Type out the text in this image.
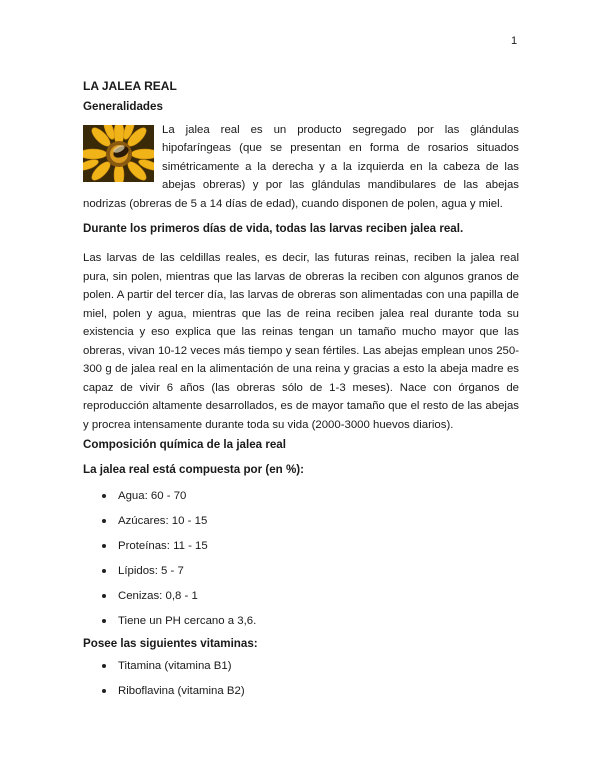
1
LA JALEA REAL
Generalidades

La jalea real es un producto segregado por las glándulas hipofaríngeas (que se presentan en forma de rosarios situados simétricamente a la derecha y a la izquierda en la cabeza de las abejas obreras) y por las glándulas mandibulares de las abejas nodrizas (obreras de 5 a 14 días de edad), cuando disponen de polen, agua y miel.

Durante los primeros días de vida, todas las larvas reciben jalea real.

Las larvas de las celdillas reales, es decir, las futuras reinas, reciben la jalea real pura, sin polen, mientras que las larvas de obreras la reciben con algunos granos de polen. A partir del tercer día, las larvas de obreras son alimentadas con una papilla de miel, polen y agua, mientras que las de reina reciben jalea real durante toda su existencia y eso explica que las reinas tengan un tamaño mucho mayor que las obreras, vivan 10-12 veces más tiempo y sean fértiles. Las abejas emplean unos 250-300 g de jalea real en la alimentación de una reina y gracias a esto la abeja madre es capaz de vivir 6 años (las obreras sólo de 1-3 meses). Nace con órganos de reproducción altamente desarrollados, es de mayor tamaño que el resto de las abejas y procrea intensamente durante toda su vida (2000-3000 huevos diarios).

Composición química de la jalea real
La jalea real está compuesta por (en %):
Agua: 60 - 70
Azúcares: 10 - 15
Proteínas: 11 - 15
Lípidos: 5 - 7
Cenizas: 0,8 - 1
Tiene un PH cercano a 3,6.
Posee las siguientes vitaminas:
Titamina (vitamina B1)
Riboflavina (vitamina B2)
